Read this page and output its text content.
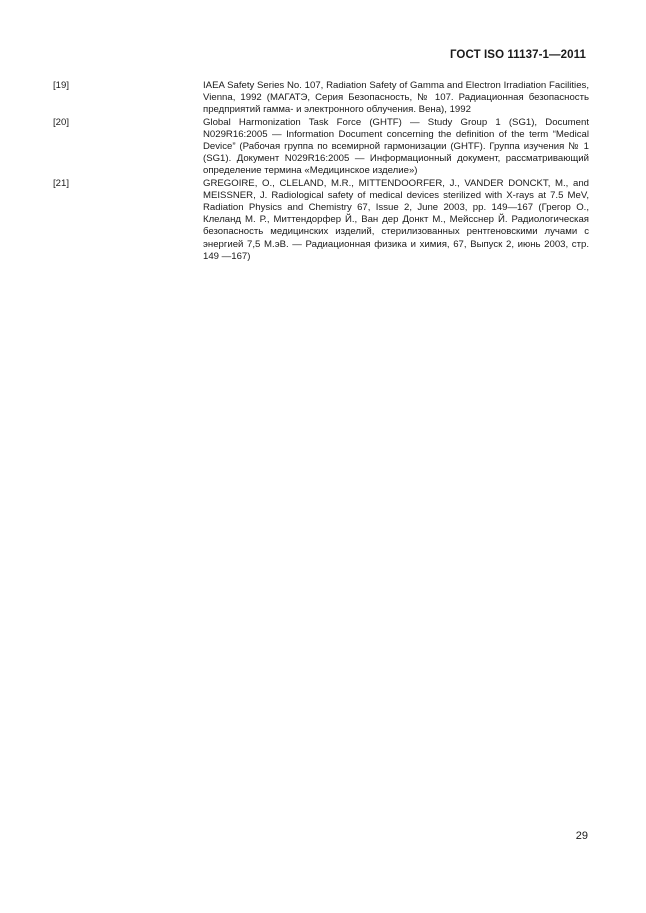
ГОСТ ISO 11137-1—2011
[19]	IAEA Safety Series No. 107, Radiation Safety of Gamma and Electron Irradiation Facilities, Vienna, 1992 (МАГАТЭ, Серия Безопасность, № 107. Радиационная безопасность предприятий гамма- и электронного облучения. Вена), 1992
[20]	Global Harmonization Task Force (GHTF) — Study Group 1 (SG1), Document N029R16:2005 — Information Document concerning the definition of the term “Medical Device” (Рабочая группа по всемирной гармонизации (GHTF). Группа изучения № 1 (SG1). Документ N029R16:2005 — Информационный документ, рассматривающий определение термина «Медицинское изделие»)
[21]	GREGOIRE, O., CLELAND, M.R., MITTENDOORFER, J., VANDER DONCKT, M., and MEISSNER, J. Radiological safety of medical devices sterilized with X-rays at 7.5 MeV, Radiation Physics and Chemistry 67, Issue 2, June 2003, pp. 149—167 (Грегор О., Клеланд М. Р., Миттендорфер Й., Ван дер Донкт М., Мейсснер Й. Радиологическая безопасность медицинских изделий, стерилизованных рентгеновскими лучами с энергией 7,5 М.эВ. — Радиационная физика и химия, 67, Выпуск 2, июнь 2003, стр. 149 —167)
29
